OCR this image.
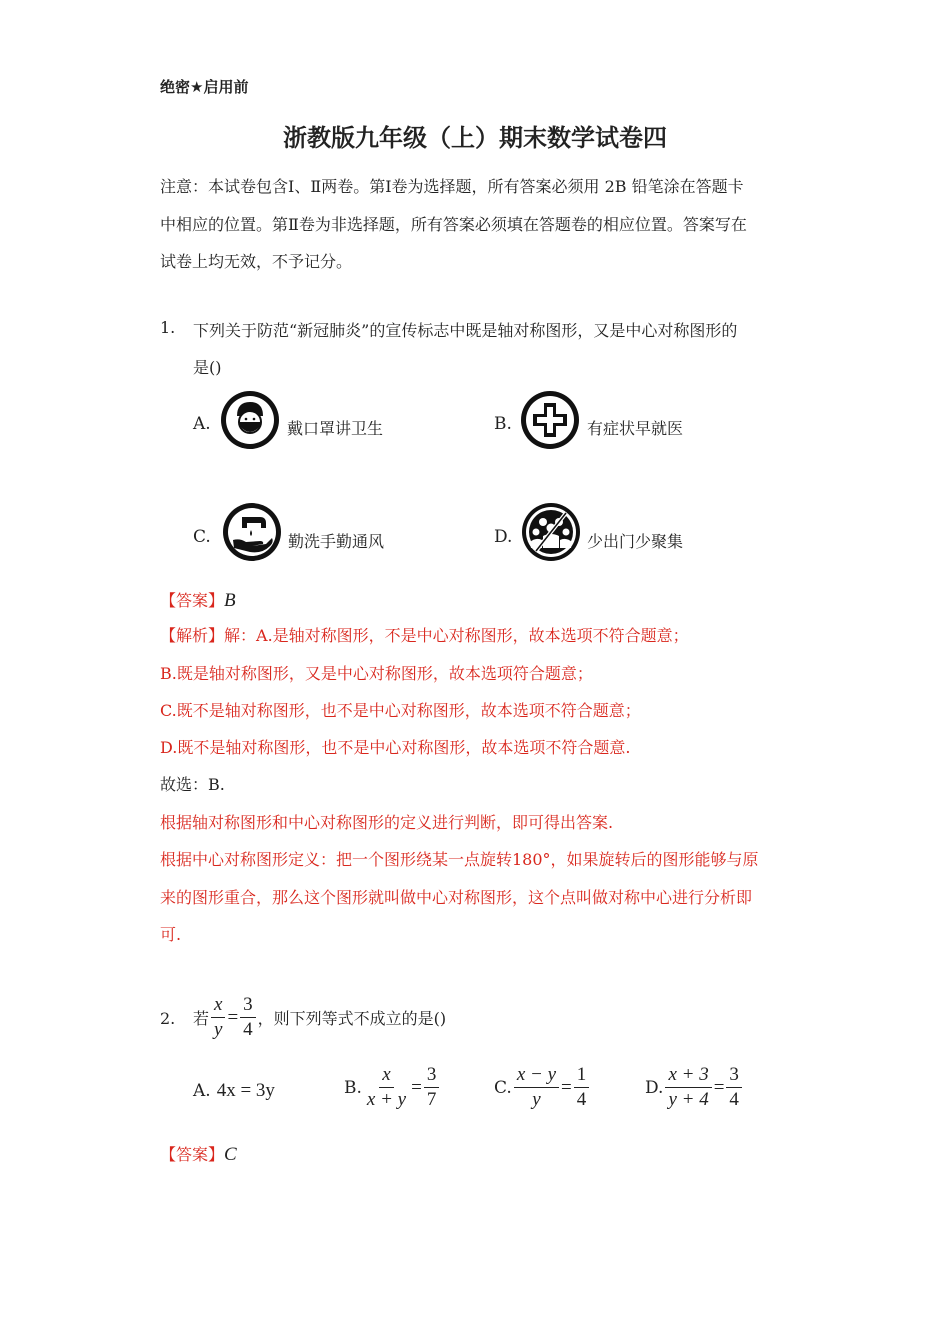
绝密★启用前
浙教版九年级（上）期末数学试卷四
注意：本试卷包含Ⅰ、Ⅱ两卷。第Ⅰ卷为选择题，所有答案必须用 2B 铅笔涂在答题卡
中相应的位置。第Ⅱ卷为非选择题，所有答案必须填在答题卷的相应位置。答案写在
试卷上均无效，不予记分。
1. 下列关于防范“新冠肺炎”的宣传标志中既是轴对称图形，又是中心对称图形的
是()
A.	戴口罩讲卫生	B.	有症状早就医
C.	勤洗手勤通风	D.	少出门少聚集
【答案】B
【解析】解：A.是轴对称图形，不是中心对称图形，故本选项不符合题意；
B.既是轴对称图形，又是中心对称图形，故本选项符合题意；
C.既不是轴对称图形，也不是中心对称图形，故本选项不符合题意；
D.既不是轴对称图形，也不是中心对称图形，故本选项不符合题意.
故选：B.
根据轴对称图形和中心对称图形的定义进行判断，即可得出答案.
根据中心对称图形定义：把一个图形绕某一点旋转180°，如果旋转后的图形能够与原
来的图形重合，那么这个图形就叫做中心对称图形，这个点叫做对称中心进行分析即
可.
2. 若 $\frac{x}{y} = \frac{3}{4}$ ，则下列等式不成立的是()
A. 4x = 3y	B. $\frac{x}{x + y} = \frac{3}{7}$	C. $\frac{x - y}{y} = \frac{1}{4}$	D. $\frac{x + 3}{y + 4} = \frac{3}{4}$
【答案】C
